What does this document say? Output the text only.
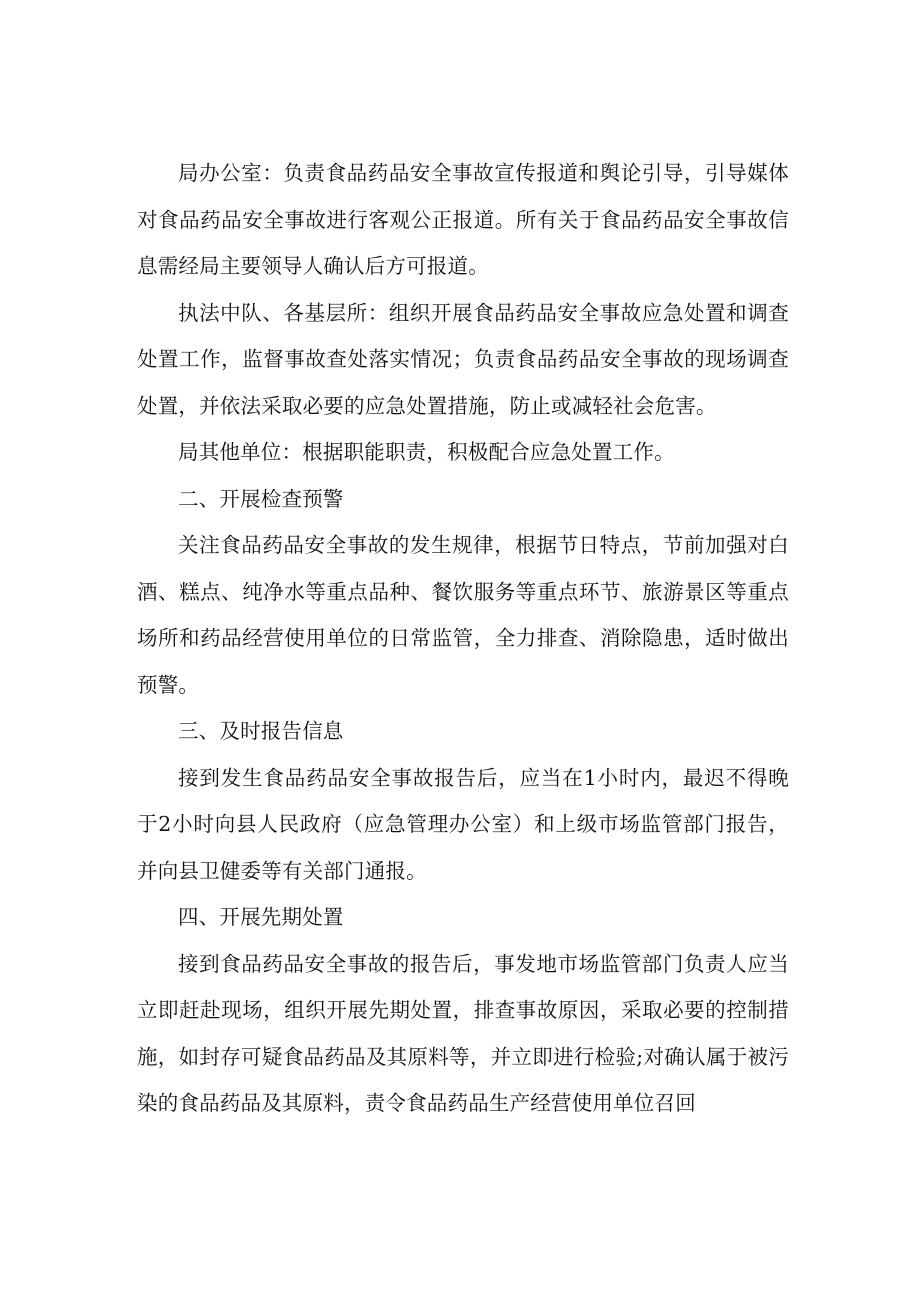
局办公室：负责食品药品安全事故宣传报道和舆论引导，引导媒体对食品药品安全事故进行客观公正报道。所有关于食品药品安全事故信息需经局主要领导人确认后方可报道。

执法中队、各基层所：组织开展食品药品安全事故应急处置和调查处置工作，监督事故查处落实情况；负责食品药品安全事故的现场调查处置，并依法采取必要的应急处置措施，防止或减轻社会危害。

局其他单位：根据职能职责，积极配合应急处置工作。

二、开展检查预警

关注食品药品安全事故的发生规律，根据节日特点，节前加强对白酒、糕点、纯净水等重点品种、餐饮服务等重点环节、旅游景区等重点场所和药品经营使用单位的日常监管，全力排查、消除隐患，适时做出预警。

三、及时报告信息

接到发生食品药品安全事故报告后，应当在1小时内，最迟不得晚于2小时向县人民政府（应急管理办公室）和上级市场监管部门报告，并向县卫健委等有关部门通报。

四、开展先期处置

接到食品药品安全事故的报告后，事发地市场监管部门负责人应当立即赶赴现场，组织开展先期处置，排查事故原因，采取必要的控制措施，如封存可疑食品药品及其原料等，并立即进行检验;对确认属于被污染的食品药品及其原料，责令食品药品生产经营使用单位召回
